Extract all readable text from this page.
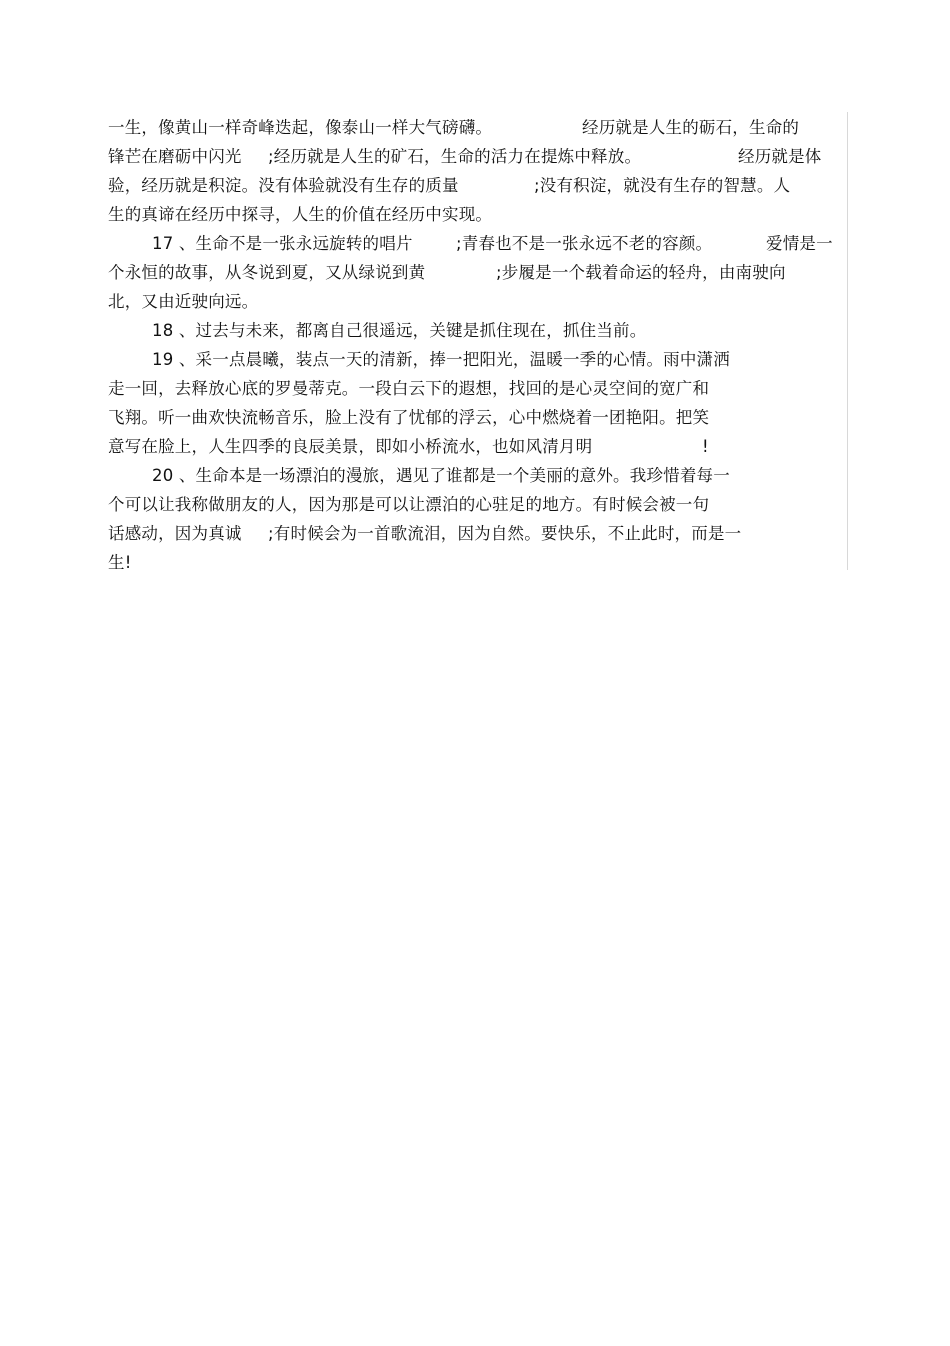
一生，像黄山一样奇峰迭起，像泰山一样大气磅礴。

	经历就是人生的砺石，生命的

锋芒在磨砺中闪光

;经历就是人生的矿石，生命的活力在提炼中释放。

	经历就是体

验，经历就是积淀。没有体验就没有生存的质量

	;没有积淀，就没有生存的智慧。人

生的真谛在经历中探寻，人生的价值在经历中实现。

17 、生命不是一张永远旋转的唱片

	;青春也不是一张永远不老的容颜。

	爱情是一

个永恒的故事，从冬说到夏，又从绿说到黄

	;步履是一个载着命运的轻舟，由南驶向

北，又由近驶向远。

18 、过去与未来，都离自己很遥远，关键是抓住现在，抓住当前。

19 、采一点晨曦，装点一天的清新，捧一把阳光，温暖一季的心情。雨中潇洒

走一回，去释放心底的罗曼蒂克。一段白云下的遐想，找回的是心灵空间的宽广和

飞翔。听一曲欢快流畅音乐，脸上没有了忧郁的浮云，心中燃烧着一团艳阳。把笑

意写在脸上，人生四季的良辰美景，即如小桥流水，也如风清月明

	!

20 、生命本是一场漂泊的漫旅，遇见了谁都是一个美丽的意外。我珍惜着每一

个可以让我称做朋友的人，因为那是可以让漂泊的心驻足的地方。有时候会被一句

话感动，因为真诚

;有时候会为一首歌流泪，因为自然。要快乐，不止此时，而是一

生!
